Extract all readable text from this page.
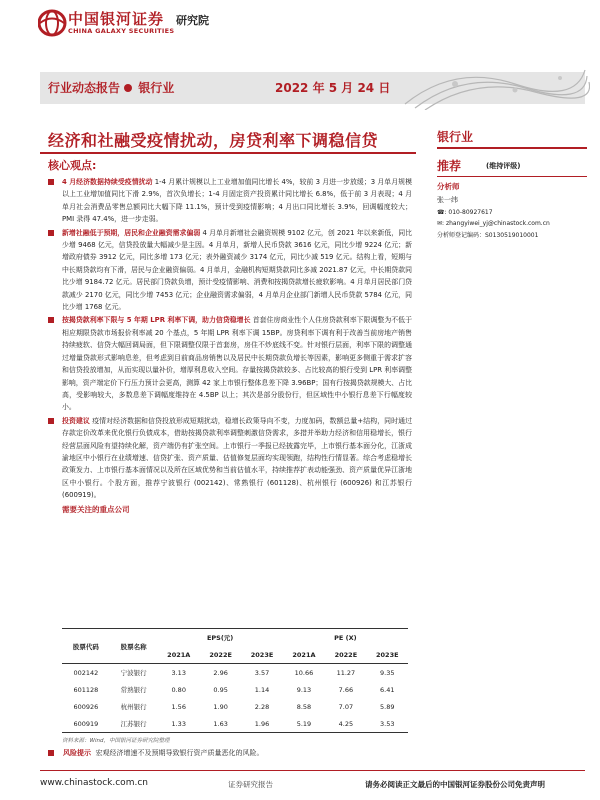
中国银河证券
CHINA GALAXY SECURITIES
研究院
行业动态报告 银行业	2022 年 5 月 24 日
经济和社融受疫情扰动，房贷利率下调稳信贷
核心观点:
4 月经济数据持续受疫情扰动 1-4 月累计规模以上工业增加值同比增长 4%，较前 3 月进一步放缓；3 月单月规模以上工业增加值同比下滑 2.9%，首次负增长；1-4 月固定资产投资累计同比增长 6.8%，低于前 3 月表现；4 月单月社会消费品零售总额同比大幅下降 11.1%，预计受到疫情影响；4 月出口同比增长 3.9%，回调幅度较大；PMI 录得 47.4%，进一步走弱。
新增社融低于预期，居民和企业融资需求偏弱 4 月单月新增社会融资规模 9102 亿元，创 2021 年以来新低，同比少增 9468 亿元，信贷投放量大幅减少是主因。4 月单月，新增人民币贷款 3616 亿元，同比少增 9224 亿元；新增政府债券 3912 亿元，同比多增 173 亿元；表外融资减少 3174 亿元，同比少减 519 亿元。结构上看，短期与中长期贷款均有下滑，居民与企业融资偏弱。4 月单月，金融机构短期贷款同比多减 2021.87 亿元，中长期贷款同比少增 9184.72 亿元。居民部门贷款负增，预计受疫情影响、消费和按揭贷款增长疲软影响。4 月单月居民部门贷款减少 2170 亿元，同比少增 7453 亿元；企业融资需求偏弱，4 月单月企业部门新增人民币贷款 5784 亿元，同比少增 1768 亿元。
按揭贷款利率下限与 5 年期 LPR 利率下调，助力信贷稳增长 首套住房商业性个人住房贷款利率下限调整为不低于相应期限贷款市场报价利率减 20 个基点，5 年期 LPR 利率下调 15BP。房贷利率下调有利于改善当前房地产销售持续疲软、信贷大幅回调局面，但下限调整仅限于首套房，房住不炒底线不变。针对银行层面，利率下限的调整通过增量贷款形式影响息差，但考虑到目前商品房销售以及居民中长期贷款负增长等因素，影响更多侧重于需求扩容和信贷投放增加，从而实现以量补价，增厚利息收入空间。存量按揭贷款较多、占比较高的银行受到 LPR 利率调整影响，资产端定价下行压力预计会更高，测算 42 家上市银行整体息差下降 3.96BP；国有行按揭贷款规模大、占比高，受影响较大，多数息差下调幅度维持在 4.5BP 以上；其次是部分股份行，但区域性中小银行息差下行幅度较小。
投资建议 疫情对经济数据和信贷投放形成短期扰动，稳增长政策导向不变，力度加码，数额总量+结构，同时通过存款定价改革来优化银行负债成本，借助按揭贷款利率调整刺激信贷需求，多措并举助力经济和信用稳增长，银行经营层面风险有望持续化解，资产端仍有扩张空间。上市银行一季报已经披露完毕，上市银行基本面分化，江浙成渝地区中小银行在业绩增速、信贷扩张、资产质量、估值修复层面均实现领跑，结构性行情显著。综合考虑稳增长政策发力、上市银行基本面情况以及所在区域优势和当前估值水平，持续推荐扩表动能强劲、资产质量优异江浙地区中小银行。个股方面，推荐宁波银行 (002142)、常熟银行 (601128)、杭州银行 (600926) 和江苏银行 (600919)。
需要关注的重点公司
股票代码	股票名称	EPS(元)			PE (X)		
		2021A	2022E	2023E	2021A	2022E	2023E
002142	宁波银行	3.13	2.96	3.57	10.66	11.27	9.35
601128	常熟银行	0.80	0.95	1.14	9.13	7.66	6.41
600926	杭州银行	1.56	1.90	2.28	8.58	7.07	5.89
600919	江苏银行	1.33	1.63	1.96	5.19	4.25	3.53
资料来源：Wind，中国银河证券研究院整理
风险提示 宏观经济增速不及预期导致银行资产质量恶化的风险。
银行业
推荐	(维持评级)
分析师
张一纬
☎: 010-80927617
✉: zhangyiwei_yj@chinastock.com.cn
分析师登记编码：S0130519010001
www.chinastock.com.cn	证券研究报告	请务必阅读正文最后的中国银河证券股份公司免责声明
